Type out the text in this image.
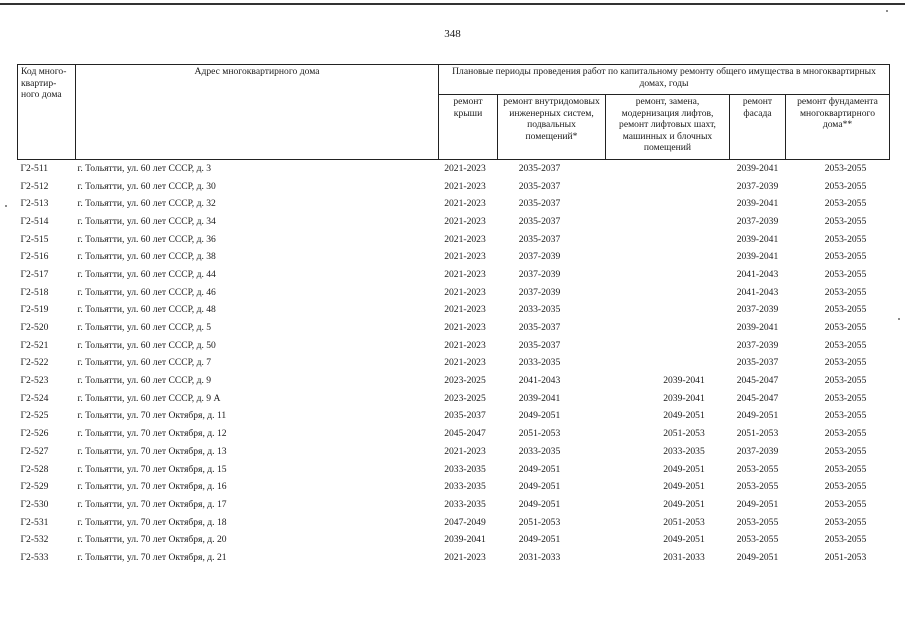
348
Код много-квартир-ного дома	Адрес многоквартирного дома	Плановые периоды проведения работ по капитальному ремонту общего имущества в многоквартирных домах, годы				
		ремонт крыши	ремонт внутридомовых инженерных систем, подвальных помещений*	ремонт, замена, модернизация лифтов, ремонт лифтовых шахт, машинных и блочных помещений	ремонт фасада	ремонт фундамента многоквартирного дома**
Г2-511	г. Тольятти, ул. 60 лет СССР, д. 3	2021-2023	2035-2037		2039-2041	2053-2055
Г2-512	г. Тольятти, ул. 60 лет СССР, д. 30	2021-2023	2035-2037		2037-2039	2053-2055
Г2-513	г. Тольятти, ул. 60 лет СССР, д. 32	2021-2023	2035-2037		2039-2041	2053-2055
Г2-514	г. Тольятти, ул. 60 лет СССР, д. 34	2021-2023	2035-2037		2037-2039	2053-2055
Г2-515	г. Тольятти, ул. 60 лет СССР, д. 36	2021-2023	2035-2037		2039-2041	2053-2055
Г2-516	г. Тольятти, ул. 60 лет СССР, д. 38	2021-2023	2037-2039		2039-2041	2053-2055
Г2-517	г. Тольятти, ул. 60 лет СССР, д. 44	2021-2023	2037-2039		2041-2043	2053-2055
Г2-518	г. Тольятти, ул. 60 лет СССР, д. 46	2021-2023	2037-2039		2041-2043	2053-2055
Г2-519	г. Тольятти, ул. 60 лет СССР, д. 48	2021-2023	2033-2035		2037-2039	2053-2055
Г2-520	г. Тольятти, ул. 60 лет СССР, д. 5	2021-2023	2035-2037		2039-2041	2053-2055
Г2-521	г. Тольятти, ул. 60 лет СССР, д. 50	2021-2023	2035-2037		2037-2039	2053-2055
Г2-522	г. Тольятти, ул. 60 лет СССР, д. 7	2021-2023	2033-2035		2035-2037	2053-2055
Г2-523	г. Тольятти, ул. 60 лет СССР, д. 9	2023-2025	2041-2043	2039-2041	2045-2047	2053-2055
Г2-524	г. Тольятти, ул. 60 лет СССР, д. 9 А	2023-2025	2039-2041	2039-2041	2045-2047	2053-2055
Г2-525	г. Тольятти, ул. 70 лет Октября, д. 11	2035-2037	2049-2051	2049-2051	2049-2051	2053-2055
Г2-526	г. Тольятти, ул. 70 лет Октября, д. 12	2045-2047	2051-2053	2051-2053	2051-2053	2053-2055
Г2-527	г. Тольятти, ул. 70 лет Октября, д. 13	2021-2023	2033-2035	2033-2035	2037-2039	2053-2055
Г2-528	г. Тольятти, ул. 70 лет Октября, д. 15	2033-2035	2049-2051	2049-2051	2053-2055	2053-2055
Г2-529	г. Тольятти, ул. 70 лет Октября, д. 16	2033-2035	2049-2051	2049-2051	2053-2055	2053-2055
Г2-530	г. Тольятти, ул. 70 лет Октября, д. 17	2033-2035	2049-2051	2049-2051	2049-2051	2053-2055
Г2-531	г. Тольятти, ул. 70 лет Октября, д. 18	2047-2049	2051-2053	2051-2053	2053-2055	2053-2055
Г2-532	г. Тольятти, ул. 70 лет Октября, д. 20	2039-2041	2049-2051	2049-2051	2053-2055	2053-2055
Г2-533	г. Тольятти, ул. 70 лет Октября, д. 21	2021-2023	2031-2033	2031-2033	2049-2051	2051-2053
